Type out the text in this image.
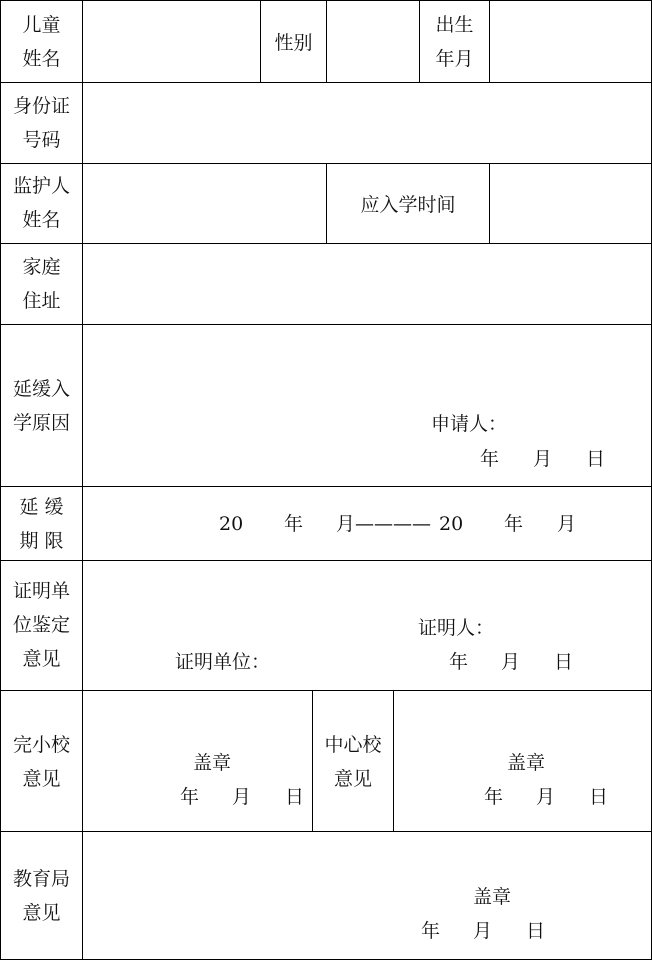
儿童
姓名
性别
出生
年月
身份证
号码
监护人
姓名
应入学时间
家庭
住址
延缓入
学原因	申请人：
年 月 日
延 缓
期 限
20 年 月———— 20 年 月
证明单
位鉴定
意见
证明人：
证明单位：	年 月 日
完小校
意见
盖章
年 月 日
中心校
意见
盖章
年 月 日
教育局
意见
盖章
年 月 日
